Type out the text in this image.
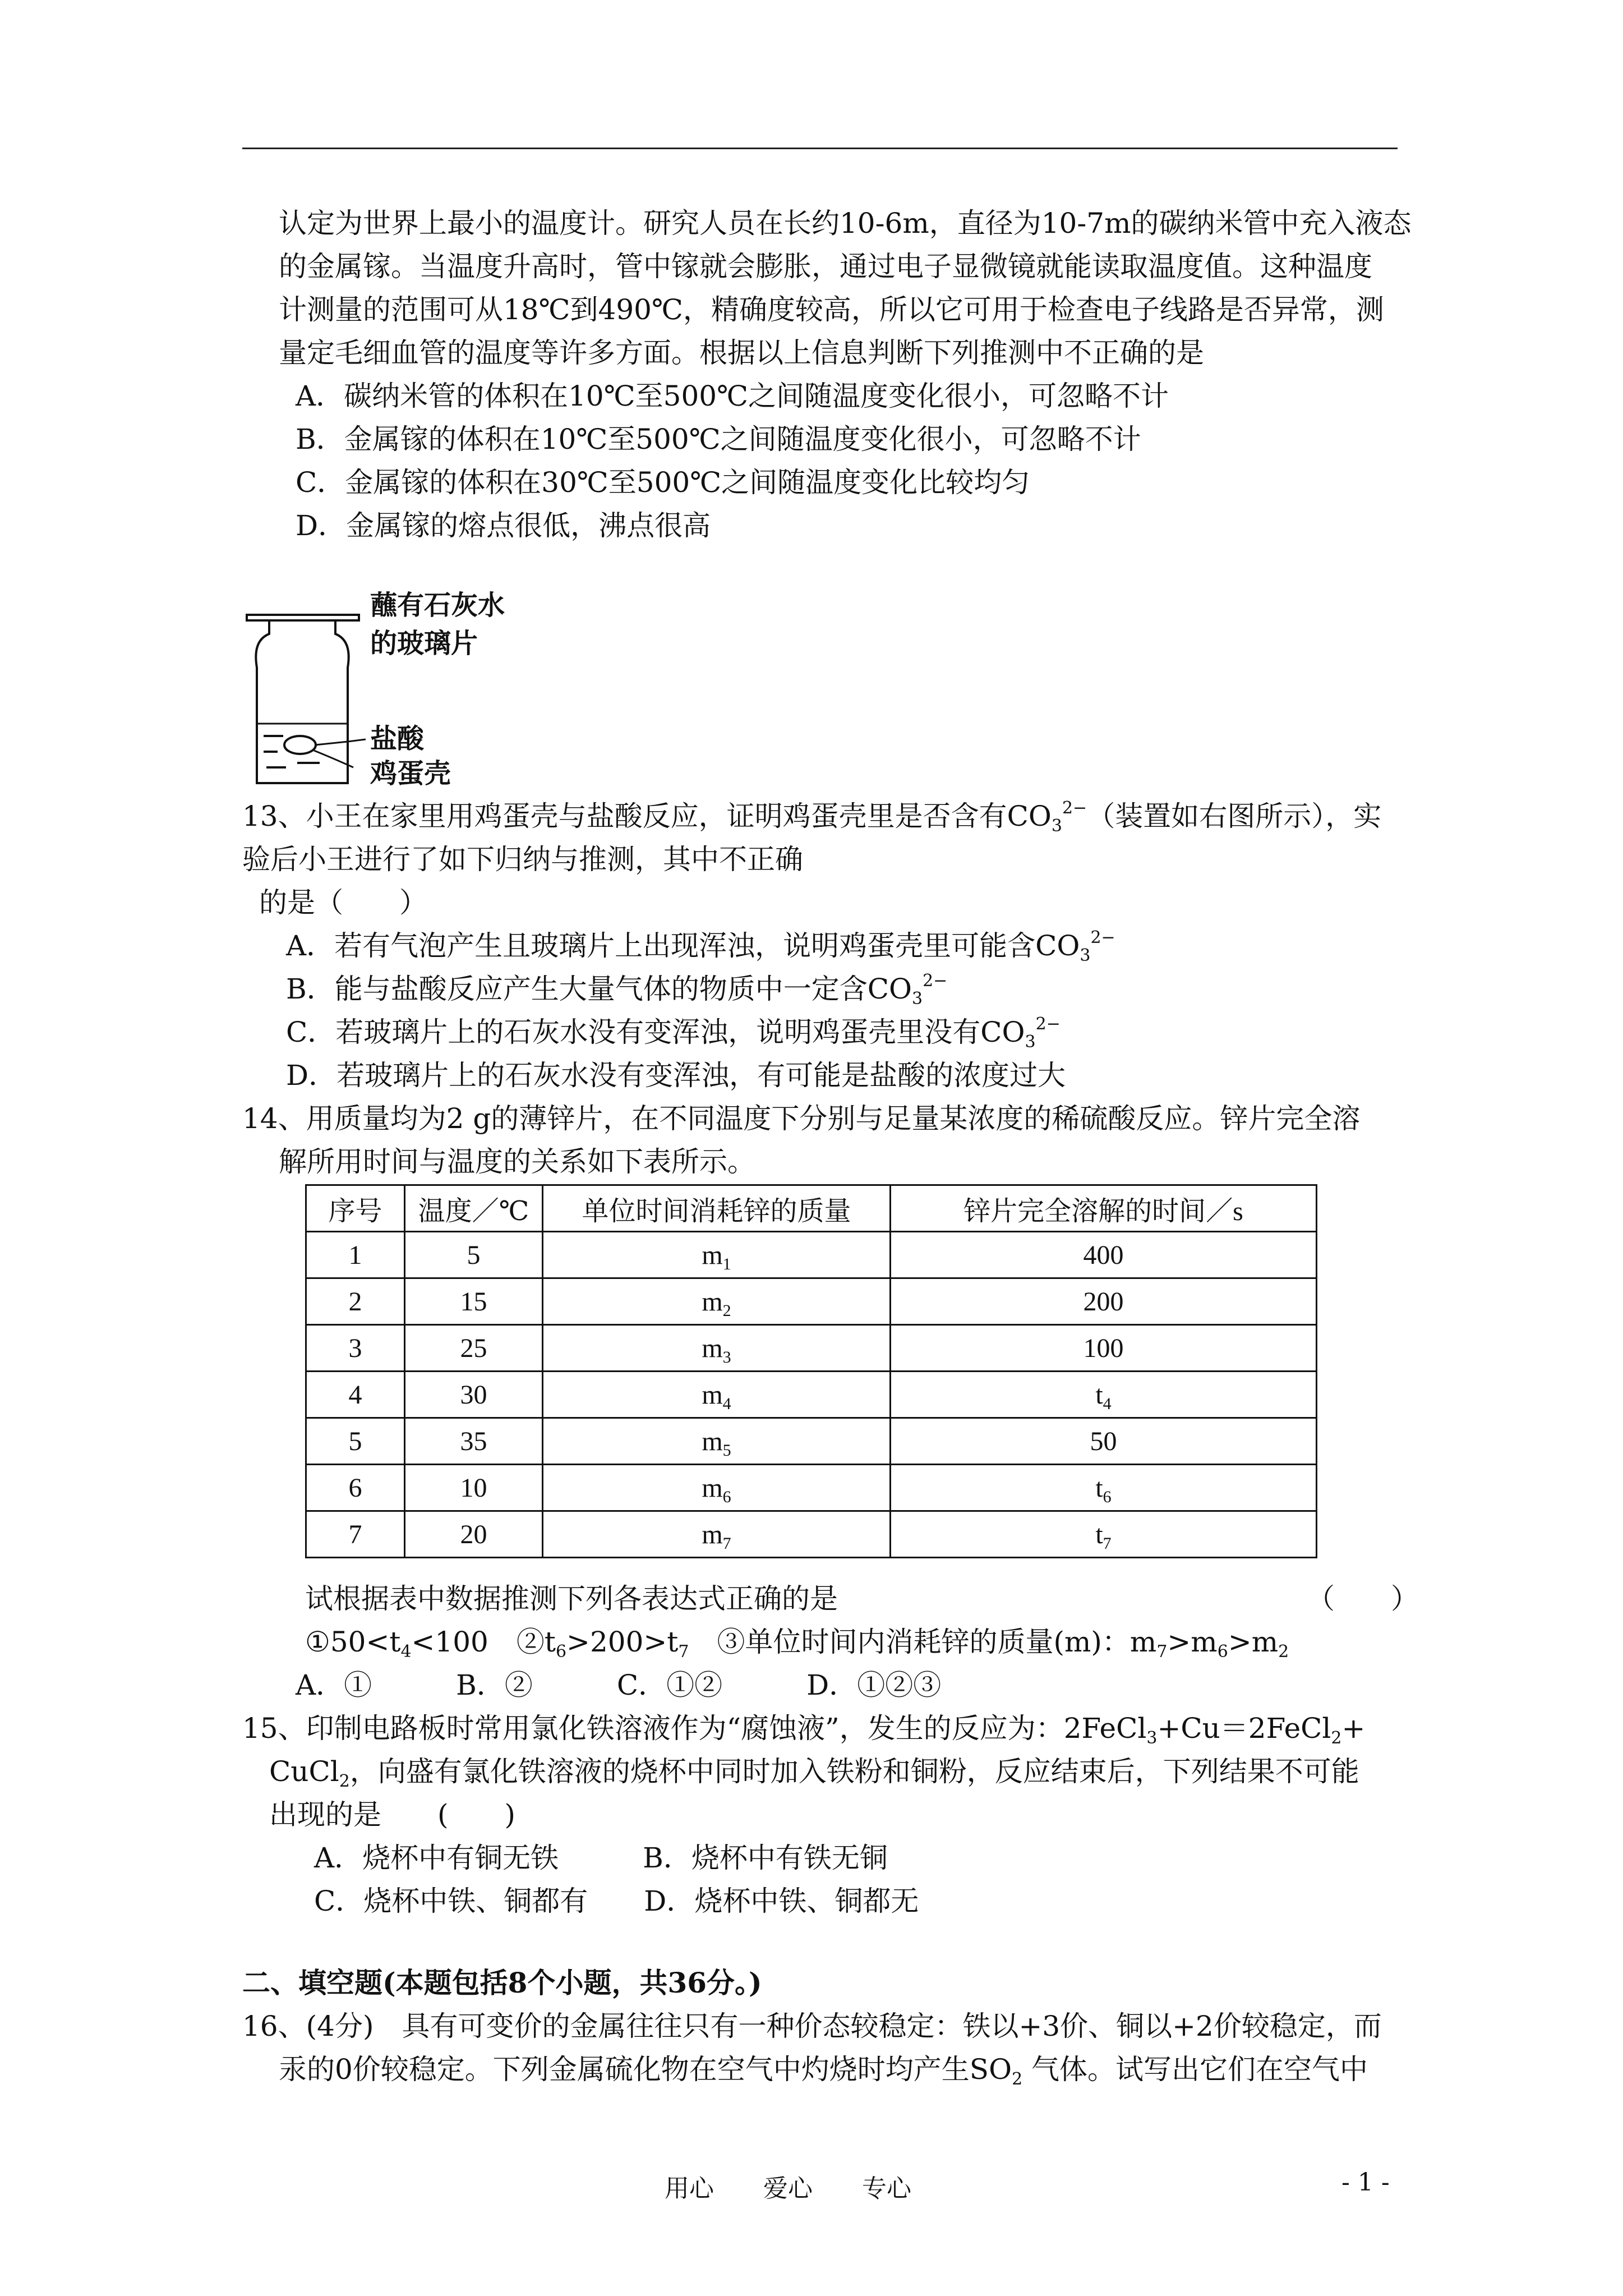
认定为世界上最小的温度计。研究人员在长约10-6m，直径为10-7m的碳纳米管中充入液态
的金属镓。当温度升高时，管中镓就会膨胀，通过电子显微镜就能读取温度值。这种温度
计测量的范围可从18℃到490℃，精确度较高，所以它可用于检查电子线路是否异常，测
量定毛细血管的温度等许多方面。根据以上信息判断下列推测中不正确的是
A．碳纳米管的体积在10℃至500℃之间随温度变化很小，可忽略不计
B．金属镓的体积在10℃至500℃之间随温度变化很小，可忽略不计
C．金属镓的体积在30℃至500℃之间随温度变化比较均匀
D．金属镓的熔点很低，沸点很高
蘸有石灰水
的玻璃片
盐酸
鸡蛋壳
13、小王在家里用鸡蛋壳与盐酸反应，证明鸡蛋壳里是否含有$CO_3^{2-}$（装置如右图所示），实
验后小王进行了如下归纳与推测，其中不正确
的是（　　）
A．若有气泡产生且玻璃片上出现浑浊，说明鸡蛋壳里可能含$CO_3^{2-}$
B．能与盐酸反应产生大量气体的物质中一定含$CO_3^{2-}$
C．若玻璃片上的石灰水没有变浑浊，说明鸡蛋壳里没有$CO_3^{2-}$
D．若玻璃片上的石灰水没有变浑浊，有可能是盐酸的浓度过大
14、用质量均为2 g的薄锌片，在不同温度下分别与足量某浓度的稀硫酸反应。锌片完全溶
解所用时间与温度的关系如下表所示。
序号	温度／℃	单位时间消耗锌的质量	锌片完全溶解的时间／s
1	5	$m_1$	400
2	15	$m_2$	200
3	25	$m_3$	100
4	30	$m_4$	$t_4$
5	35	$m_5$	50
6	10	$m_6$	$t_6$
7	20	$m_7$	$t_7$
试根据表中数据推测下列各表达式正确的是	（　　）
$①50<t_4<100$　$②t_6>200>t_7$　③单位时间内消耗锌的质量(m)：$m_7>m_6>m_2$
A．①　　　B．②　　　C．①②　　　D．①②③
15、印制电路板时常用氯化铁溶液作为“腐蚀液”，发生的反应为：2FeCl$_3$+Cu＝2FeCl$_2$+
CuCl$_2$，向盛有氯化铁溶液的烧杯中同时加入铁粉和铜粉，反应结束后，下列结果不可能
出现的是　　(　　)
A．烧杯中有铜无铁　　　B．烧杯中有铁无铜
C．烧杯中铁、铜都有　　D．烧杯中铁、铜都无
二、填空题(本题包括8个小题，共36分。)
16、(4分)　具有可变价的金属往往只有一种价态较稳定：铁以+3价、铜以+2价较稳定，而
汞的0价较稳定。下列金属硫化物在空气中灼烧时均产生$SO_2$ 气体。试写出它们在空气中
用心　　爱心　　专心	- 1 -
